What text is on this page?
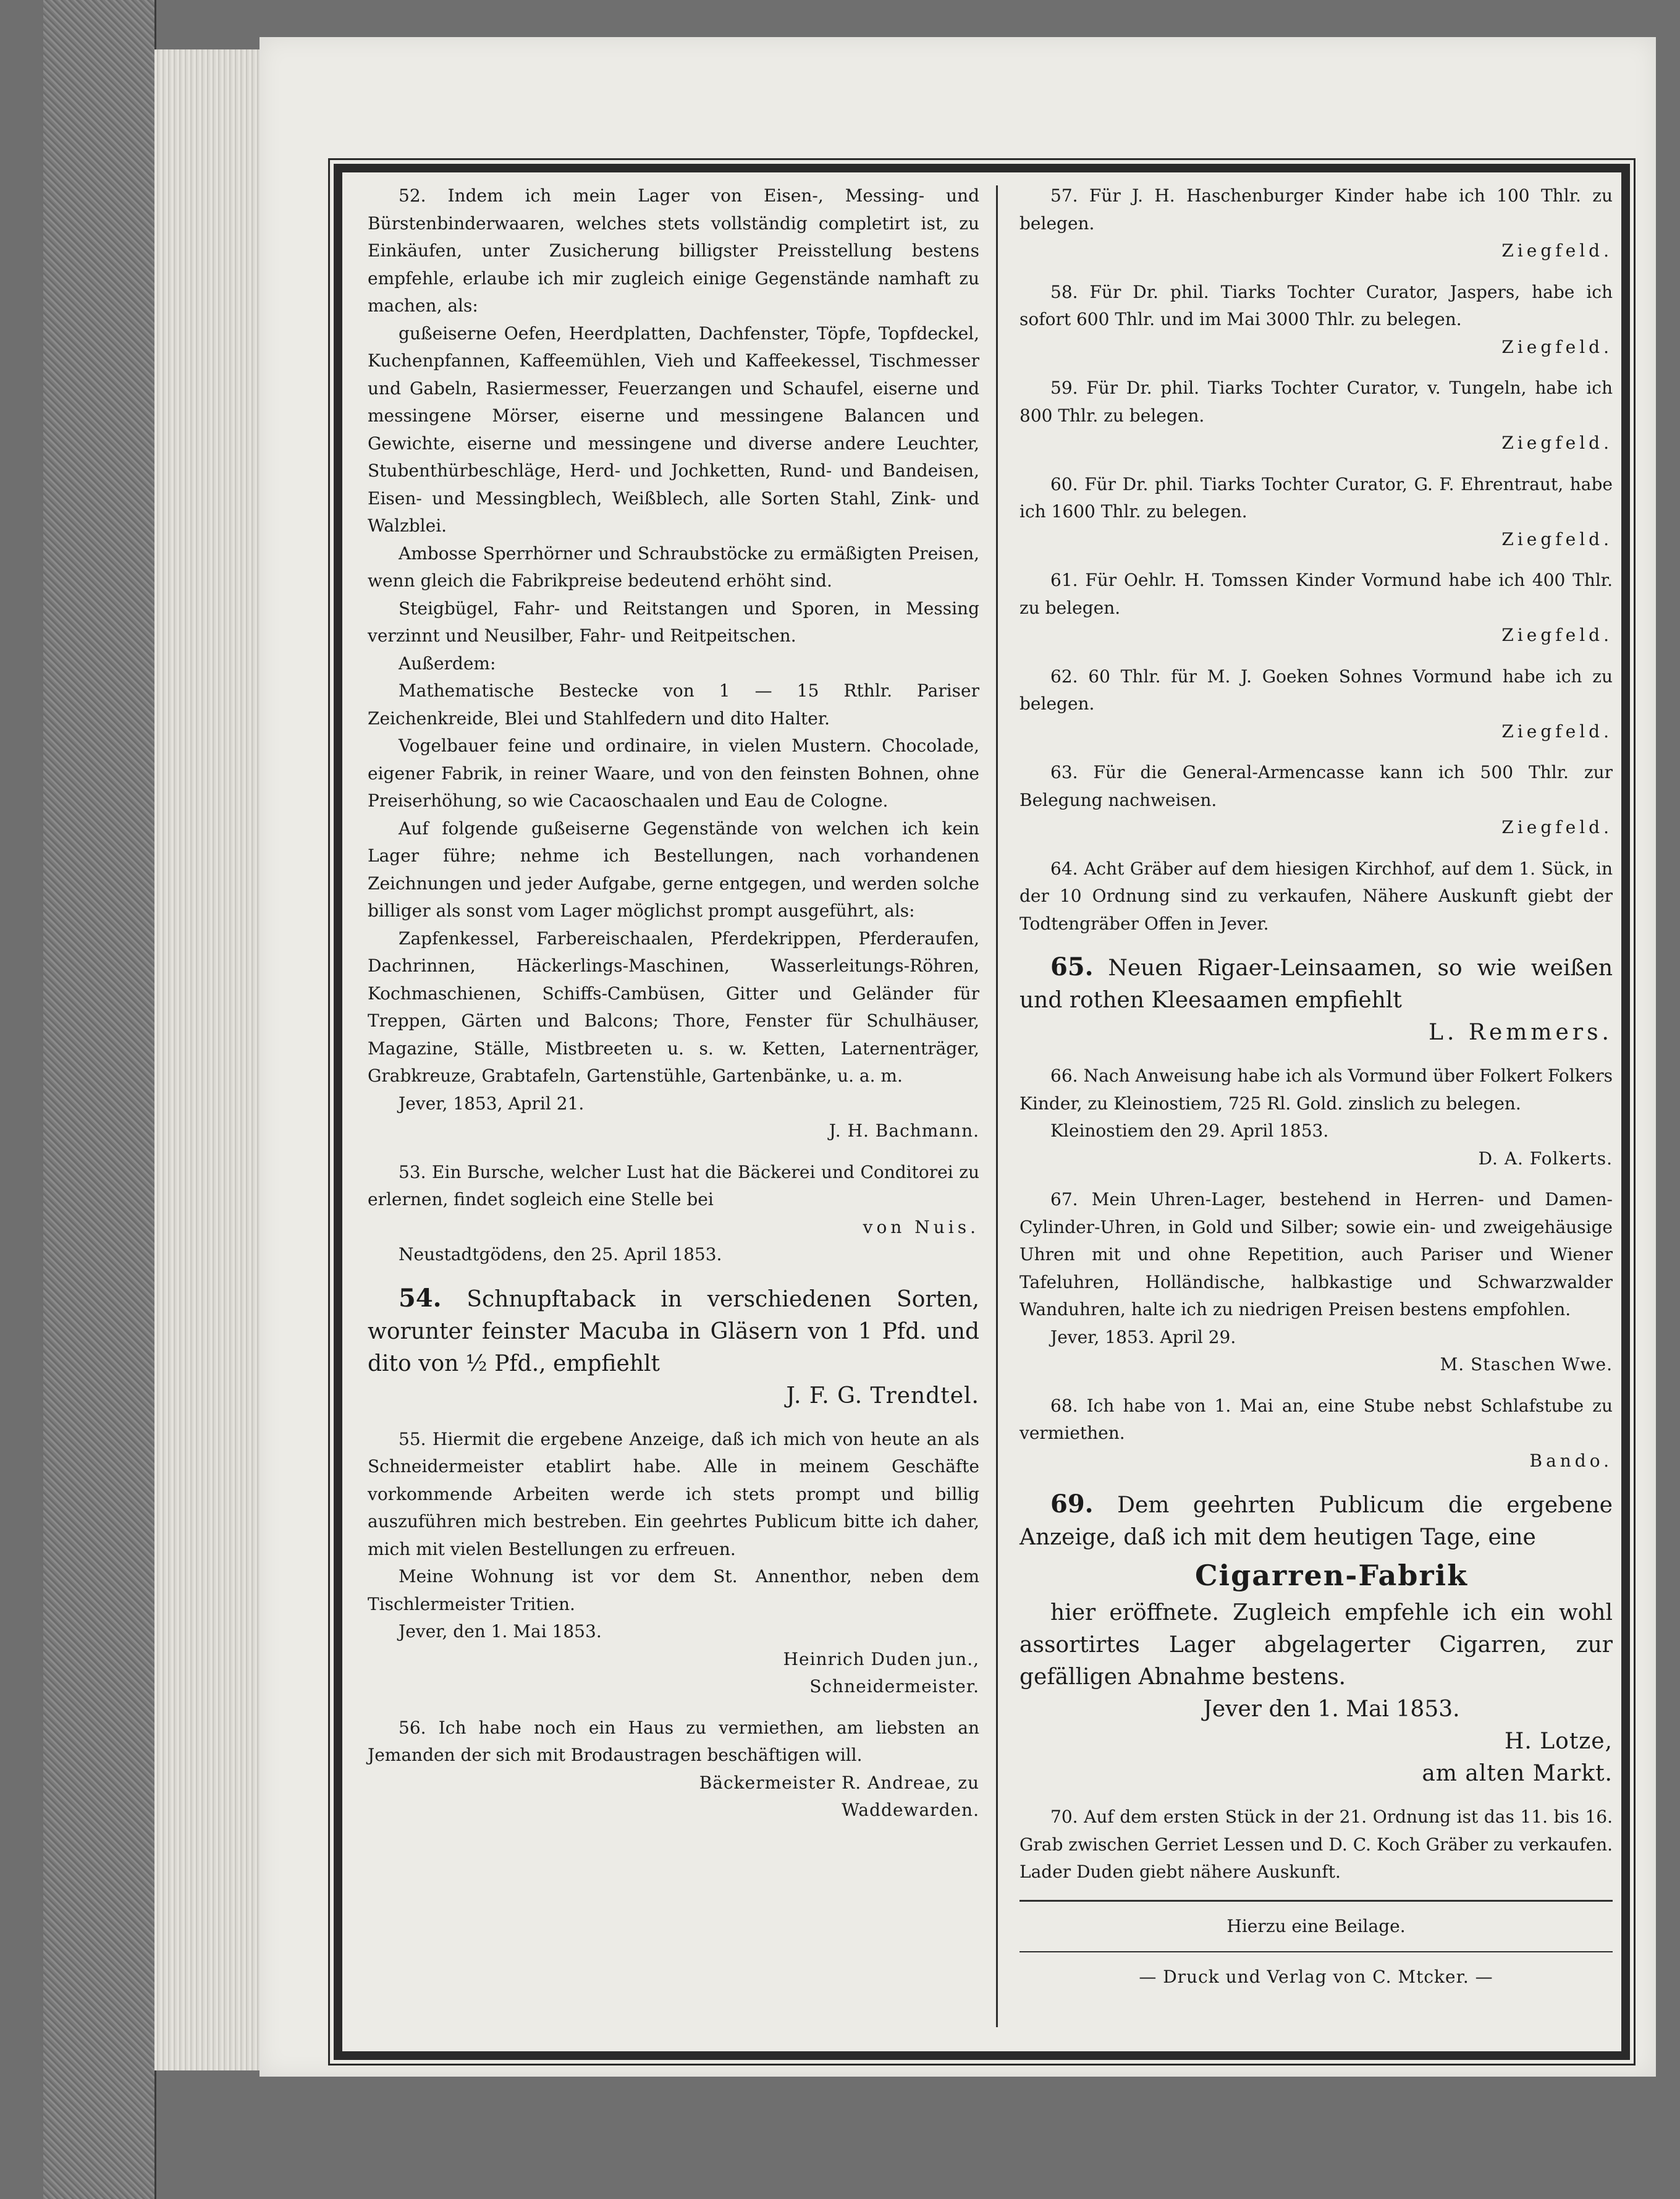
52. Indem ich mein Lager von Eisen-, Messing- und Bürstenbinderwaaren, welches stets vollständig completirt ist, zu Einkäufen, unter Zusicherung billigster Preisstellung bestens empfehle, erlaube ich mir zugleich einige Gegenstände namhaft zu machen, als:

gußeiserne Oefen, Heerdplatten, Dachfenster, Töpfe, Topfdeckel, Kuchenpfannen, Kaffeemühlen, Vieh und Kaffeekessel, Tischmesser und Gabeln, Rasiermesser, Feuerzangen und Schaufel, eiserne und messingene Mörser, eiserne und messingene Balancen und Gewichte, eiserne und messingene und diverse andere Leuchter, Stubenthürbeschläge, Herd- und Jochketten, Rund- und Bandeisen, Eisen- und Messingblech, Weißblech, alle Sorten Stahl, Zink- und Walzblei.

Ambosse Sperrhörner und Schraubstöcke zu ermäßigten Preisen, wenn gleich die Fabrikpreise bedeutend erhöht sind.

Steigbügel, Fahr- und Reitstangen und Sporen, in Messing verzinnt und Neusilber, Fahr- und Reitpeitschen.

Außerdem:

Mathematische Bestecke von 1 — 15 Rthlr. Pariser Zeichenkreide, Blei und Stahlfedern und dito Halter.

Vogelbauer feine und ordinaire, in vielen Mustern. Chocolade, eigener Fabrik, in reiner Waare, und von den feinsten Bohnen, ohne Preiserhöhung, so wie Cacaoschaalen und Eau de Cologne.

Auf folgende gußeiserne Gegenstände von welchen ich kein Lager führe; nehme ich Bestellungen, nach vorhandenen Zeichnungen und jeder Aufgabe, gerne entgegen, und werden solche billiger als sonst vom Lager möglichst prompt ausgeführt, als:

Zapfenkessel, Farbereischaalen, Pferdekrippen, Pferderaufen, Dachrinnen, Häckerlings-Maschinen, Wasserleitungs-Röhren, Kochmaschienen, Schiffs-Cambüsen, Gitter und Geländer für Treppen, Gärten und Balcons; Thore, Fenster für Schulhäuser, Magazine, Ställe, Mistbreeten u. s. w. Ketten, Laternenträger, Grabkreuze, Grabtafeln, Gartenstühle, Gartenbänke, u. a. m.

Jever, 1853, April 21.

J. H. Bachmann.

53. Ein Bursche, welcher Lust hat die Bäckerei und Conditorei zu erlernen, findet sogleich eine Stelle bei

von Nuis.

Neustadtgödens, den 25. April 1853.

54. Schnupftaback in verschiedenen Sorten, worunter feinster Macuba in Gläsern von 1 Pfd. und dito von ½ Pfd., empfiehlt

J. F. G. Trendtel.

55. Hiermit die ergebene Anzeige, daß ich mich von heute an als Schneidermeister etablirt habe. Alle in meinem Geschäfte vorkommende Arbeiten werde ich stets prompt und billig auszuführen mich bestreben. Ein geehrtes Publicum bitte ich daher, mich mit vielen Bestellungen zu erfreuen.

Meine Wohnung ist vor dem St. Annenthor, neben dem Tischlermeister Tritien.

Jever, den 1. Mai 1853.

Heinrich Duden jun.,

Schneidermeister.

56. Ich habe noch ein Haus zu vermiethen, am liebsten an Jemanden der sich mit Brodaustragen beschäftigen will.

Bäckermeister R. Andreae, zu

Waddewarden.

57. Für J. H. Haschenburger Kinder habe ich 100 Thlr. zu belegen.

Ziegfeld.

58. Für Dr. phil. Tiarks Tochter Curator, Jaspers, habe ich sofort 600 Thlr. und im Mai 3000 Thlr. zu belegen.

Ziegfeld.

59. Für Dr. phil. Tiarks Tochter Curator, v. Tungeln, habe ich 800 Thlr. zu belegen.

Ziegfeld.

60. Für Dr. phil. Tiarks Tochter Curator, G. F. Ehrentraut, habe ich 1600 Thlr. zu belegen.

Ziegfeld.

61. Für Oehlr. H. Tomssen Kinder Vormund habe ich 400 Thlr. zu belegen.

Ziegfeld.

62. 60 Thlr. für M. J. Goeken Sohnes Vormund habe ich zu belegen.

Ziegfeld.

63. Für die General-Armencasse kann ich 500 Thlr. zur Belegung nachweisen.

Ziegfeld.

64. Acht Gräber auf dem hiesigen Kirchhof, auf dem 1. Sück, in der 10 Ordnung sind zu verkaufen, Nähere Auskunft giebt der Todtengräber Offen in Jever.

65. Neuen Rigaer-Leinsaamen, so wie weißen und rothen Kleesaamen empfiehlt

L. Remmers.

66. Nach Anweisung habe ich als Vormund über Folkert Folkers Kinder, zu Kleinostiem, 725 Rl. Gold. zinslich zu belegen.

Kleinostiem den 29. April 1853.

D. A. Folkerts.

67. Mein Uhren-Lager, bestehend in Herren- und Damen-Cylinder-Uhren, in Gold und Silber; sowie ein- und zweigehäusige Uhren mit und ohne Repetition, auch Pariser und Wiener Tafeluhren, Holländische, halbkastige und Schwarzwalder Wanduhren, halte ich zu niedrigen Preisen bestens empfohlen.

Jever, 1853. April 29.

M. Staschen Wwe.

68. Ich habe von 1. Mai an, eine Stube nebst Schlafstube zu vermiethen.

Bando.

69. Dem geehrten Publicum die ergebene Anzeige, daß ich mit dem heutigen Tage, eine

Cigarren-Fabrik

hier eröffnete. Zugleich empfehle ich ein wohl assortirtes Lager abgelagerter Cigarren, zur gefälligen Abnahme bestens.

Jever den 1. Mai 1853.

H. Lotze,

am alten Markt.

70. Auf dem ersten Stück in der 21. Ordnung ist das 11. bis 16. Grab zwischen Gerriet Lessen und D. C. Koch Gräber zu verkaufen. Lader Duden giebt nähere Auskunft.

Hierzu eine Beilage.

— Druck und Verlag von C. Mtcker. —
